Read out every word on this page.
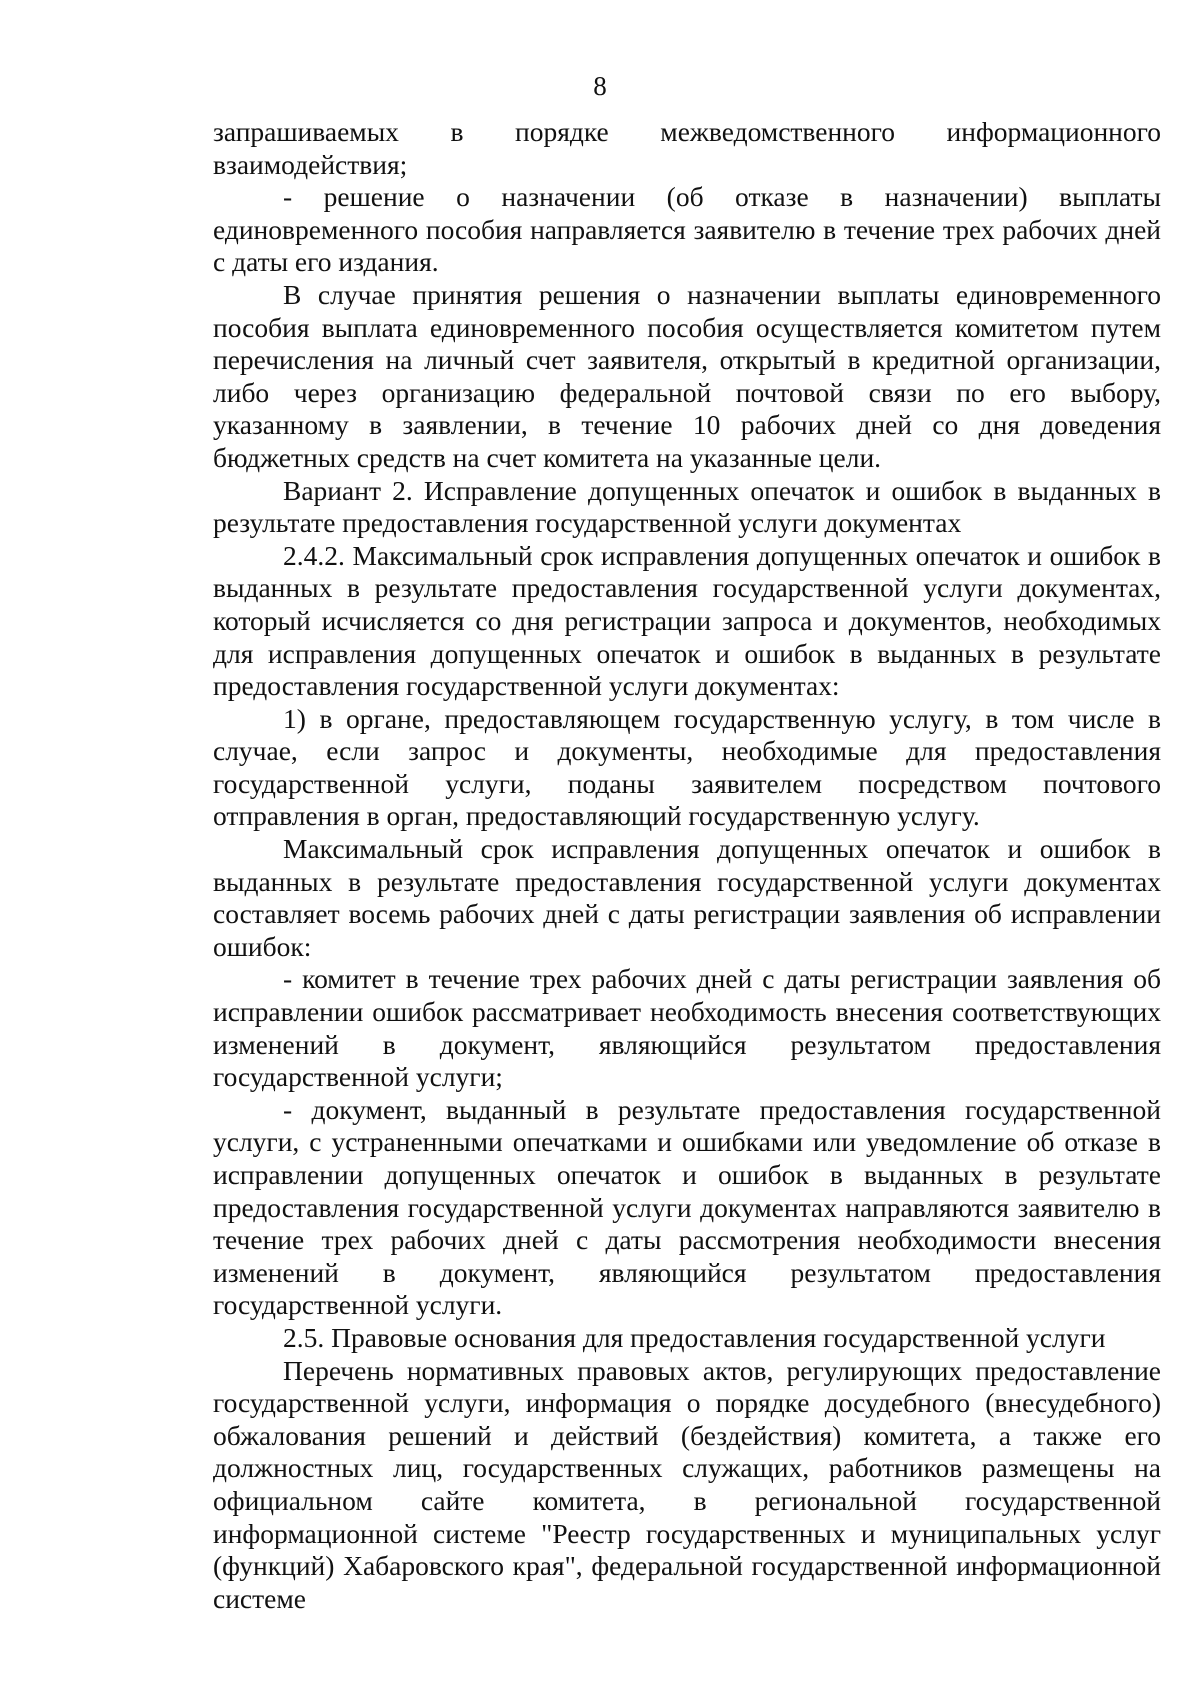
8

запрашиваемых в порядке межведомственного информационного взаимодействия;

- решение о назначении (об отказе в назначении) выплаты единовременного пособия направляется заявителю в течение трех рабочих дней с даты его издания.

В случае принятия решения о назначении выплаты единовременного пособия выплата единовременного пособия осуществляется комитетом путем перечисления на личный счет заявителя, открытый в кредитной организации, либо через организацию федеральной почтовой связи по его выбору, указанному в заявлении, в течение 10 рабочих дней со дня доведения бюджетных средств на счет комитета на указанные цели.

Вариант 2. Исправление допущенных опечаток и ошибок в выданных в результате предоставления государственной услуги документах

2.4.2. Максимальный срок исправления допущенных опечаток и ошибок в выданных в результате предоставления государственной услуги документах, который исчисляется со дня регистрации запроса и документов, необходимых для исправления допущенных опечаток и ошибок в выданных в результате предоставления государственной услуги документах:

1) в органе, предоставляющем государственную услугу, в том числе в случае, если запрос и документы, необходимые для предоставления государственной услуги, поданы заявителем посредством почтового отправления в орган, предоставляющий государственную услугу.

Максимальный срок исправления допущенных опечаток и ошибок в выданных в результате предоставления государственной услуги документах составляет восемь рабочих дней с даты регистрации заявления об исправлении ошибок:

- комитет в течение трех рабочих дней с даты регистрации заявления об исправлении ошибок рассматривает необходимость внесения соответствующих изменений в документ, являющийся результатом предоставления государственной услуги;

- документ, выданный в результате предоставления государственной услуги, с устраненными опечатками и ошибками или уведомление об отказе в исправлении допущенных опечаток и ошибок в выданных в результате предоставления государственной услуги документах направляются заявителю в течение трех рабочих дней с даты рассмотрения необходимости внесения изменений в документ, являющийся результатом предоставления государственной услуги.

2.5. Правовые основания для предоставления государственной услуги

Перечень нормативных правовых актов, регулирующих предоставление государственной услуги, информация о порядке досудебного (внесудебного) обжалования решений и действий (бездействия) комитета, а также его должностных лиц, государственных служащих, работников размещены на официальном сайте комитета, в региональной государственной информационной системе "Реестр государственных и муниципальных услуг (функций) Хабаровского края", федеральной государственной информационной системе
